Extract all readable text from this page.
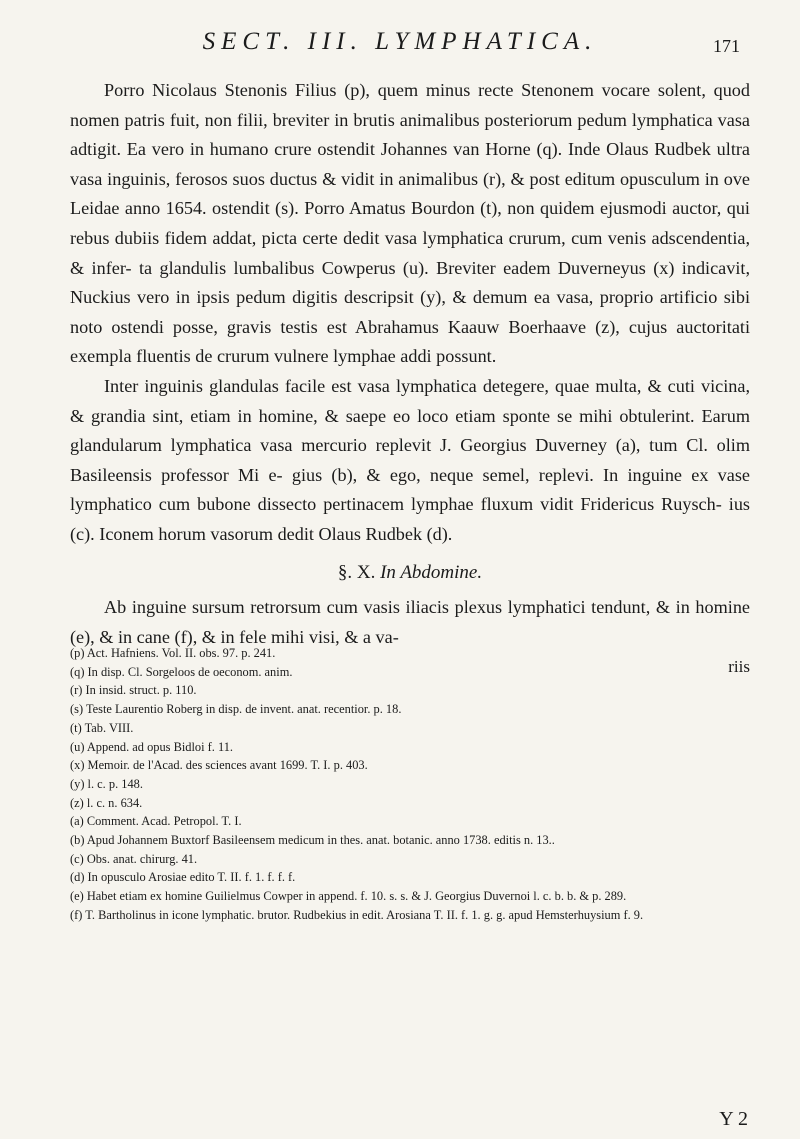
SECT. III. LYMPHATICA.	171

Porro Nicolaus Stenonis Filius (p), quem minus recte Stenonem vocare solent, quod nomen patris fuit, non filii, breviter in brutis animalibus posteriorum pedum lymphatica vasa adtigit. Ea vero in humano crure ostendit Johannes van Horne (q). Inde Olaus Rudbek ultra vasa inguinis, ferosos suos ductus & vidit in animalibus (r), & post editum opusculum in ove Leidae anno 1654. ostendit (s). Porro Amatus Bourdon (t), non quidem ejusmodi auctor, qui rebus dubiis fidem addat, picta certe dedit vasa lymphatica crurum, cum venis adscendentia, & infer- ta glandulis lumbalibus Cowperus (u). Breviter eadem Duverneyus (x) indicavit, Nuckius vero in ipsis pedum digitis descripsit (y), & demum ea vasa, proprio artificio sibi noto ostendi posse, gravis testis est Abrahamus Kaauw Boerhaave (z), cujus auctoritati exempla fluentis de crurum vulnere lymphae addi possunt.

Inter inguinis glandulas facile est vasa lymphatica detegere, quae multa, & cuti vicina, & grandia sint, etiam in homine, & saepe eo loco etiam sponte se mihi obtulerint. Earum glandularum lymphatica vasa mercurio replevit J. Georgius Duverney (a), tum Cl. olim Basileensis professor Mi e- gius (b), & ego, neque semel, replevi. In inguine ex vase lymphatico cum bubone dissecto pertinacem lymphae fluxum vidit Fridericus Ruysch- ius (c). Iconem horum vasorum dedit Olaus Rudbek (d).

§. X. In Abdomine.

Ab inguine sursum retrorsum cum vasis iliacis plexus lymphatici tendunt, & in homine (e), & in cane (f), & in fele mihi visi, & a va-

riis

(p) Act. Hafniens. Vol. II. obs. 97. p. 241.
(q) In disp. Cl. Sorgeloos de oeconom. anim.
(r) In insid. struct. p. 110.
(s) Teste Laurentio Roberg in disp. de invent. anat. recentior. p. 18.
(t) Tab. VIII.
(u) Append. ad opus Bidloi f. 11.
(x) Memoir. de l'Acad. des sciences avant 1699. T. I. p. 403.
(y) l. c. p. 148.
(z) l. c. n. 634.
(a) Comment. Acad. Petropol. T. I.
(b) Apud Johannem Buxtorf Basileensem medicum in thes. anat. botanic. anno 1738. editis n. 13..
(c) Obs. anat. chirurg. 41.
(d) In opusculo Arosiae edito T. II. f. 1. f. f. f.
(e) Habet etiam ex homine Guilielmus Cowper in append. f. 10. s. s. & J. Georgius Duvernoi l. c. b. b. & p. 289.
(f) T. Bartholinus in icone lymphatic. brutor. Rudbekius in edit. Arosiana T. II. f. 1. g. g. apud Hemsterhuysium f. 9.
Y 2
